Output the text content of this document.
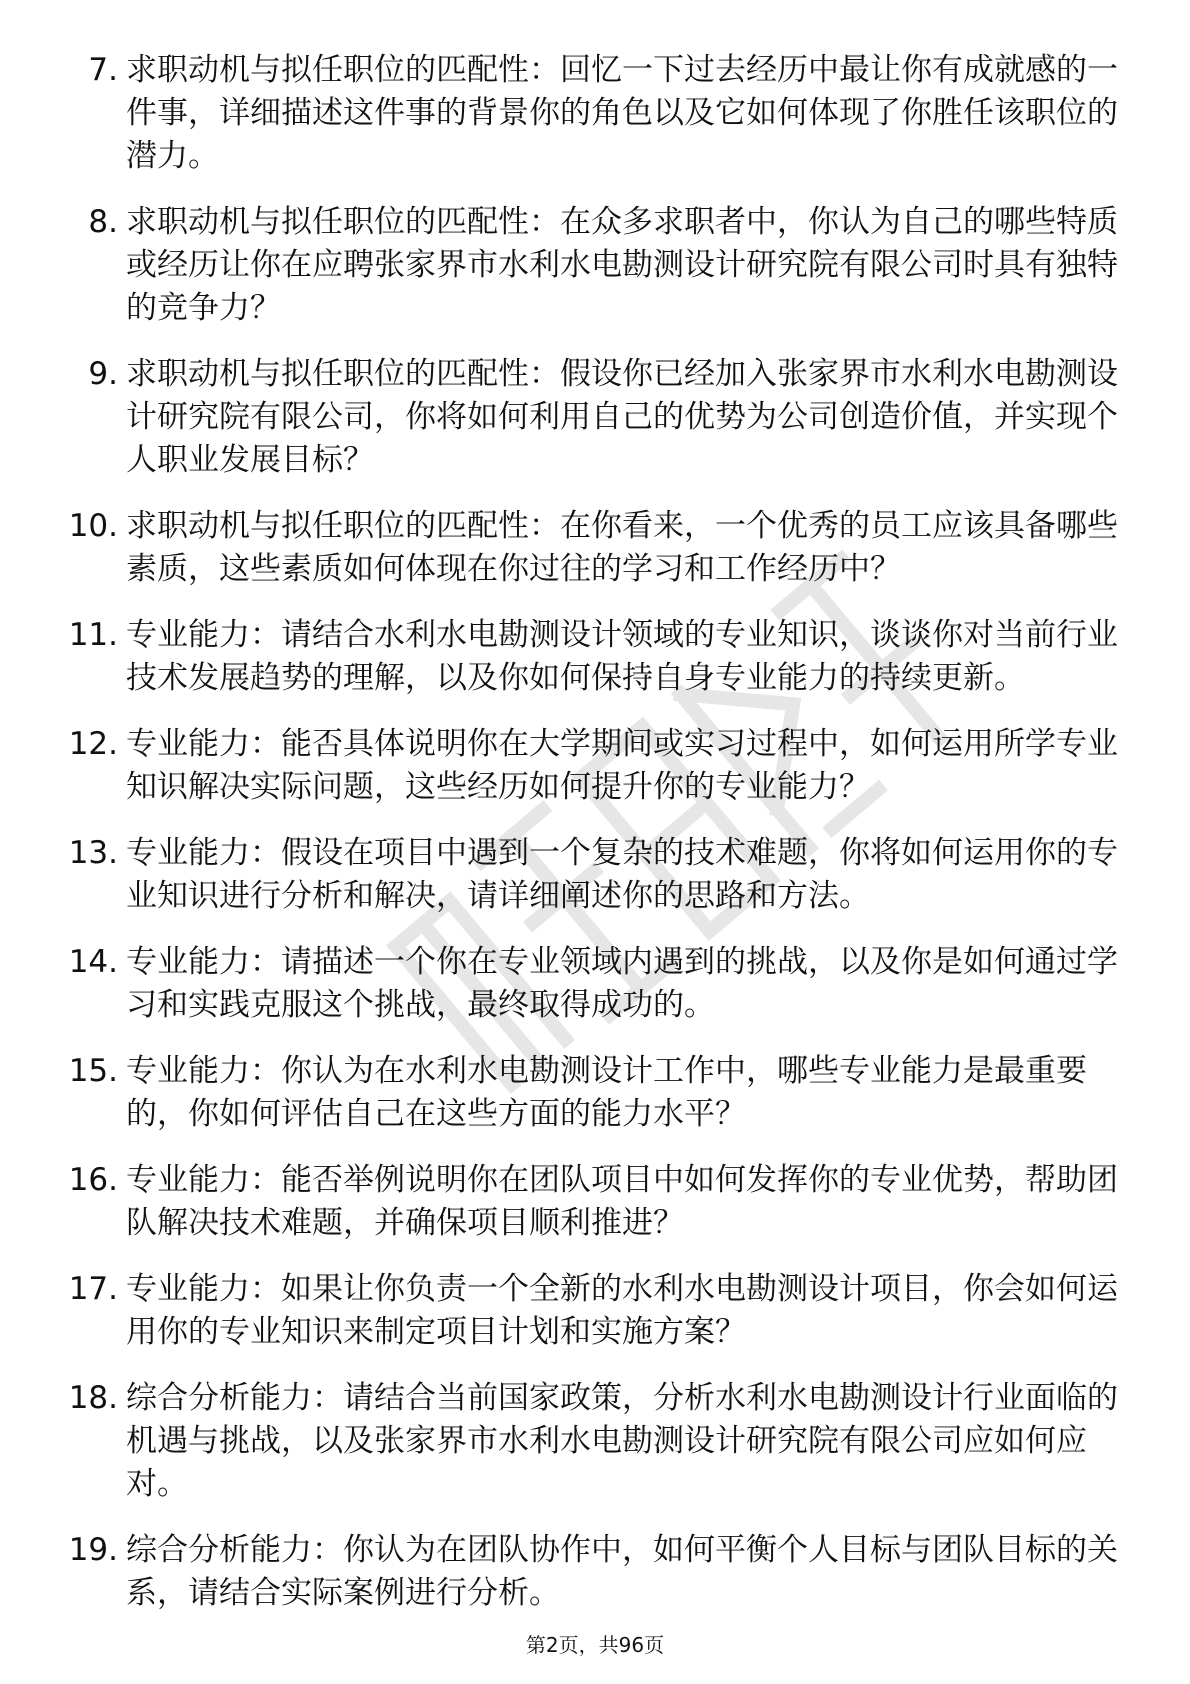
7. 求职动机与拟任职位的匹配性：回忆一下过去经历中最让你有成就感的一件事，详细描述这件事的背景你的角色以及它如何体现了你胜任该职位的潜力。
8. 求职动机与拟任职位的匹配性：在众多求职者中，你认为自己的哪些特质或经历让你在应聘张家界市水利水电勘测设计研究院有限公司时具有独特的竞争力？
9. 求职动机与拟任职位的匹配性：假设你已经加入张家界市水利水电勘测设计研究院有限公司，你将如何利用自己的优势为公司创造价值，并实现个人职业发展目标？
10. 求职动机与拟任职位的匹配性：在你看来，一个优秀的员工应该具备哪些素质，这些素质如何体现在你过往的学习和工作经历中？
11. 专业能力：请结合水利水电勘测设计领域的专业知识，谈谈你对当前行业技术发展趋势的理解，以及你如何保持自身专业能力的持续更新。
12. 专业能力：能否具体说明你在大学期间或实习过程中，如何运用所学专业知识解决实际问题，这些经历如何提升你的专业能力？
13. 专业能力：假设在项目中遇到一个复杂的技术难题，你将如何运用你的专业知识进行分析和解决，请详细阐述你的思路和方法。
14. 专业能力：请描述一个你在专业领域内遇到的挑战，以及你是如何通过学习和实践克服这个挑战，最终取得成功的。
15. 专业能力：你认为在水利水电勘测设计工作中，哪些专业能力是最重要的，你如何评估自己在这些方面的能力水平？
16. 专业能力：能否举例说明你在团队项目中如何发挥你的专业优势，帮助团队解决技术难题，并确保项目顺利推进？
17. 专业能力：如果让你负责一个全新的水利水电勘测设计项目，你会如何运用你的专业知识来制定项目计划和实施方案？
18. 综合分析能力：请结合当前国家政策，分析水利水电勘测设计行业面临的机遇与挑战，以及张家界市水利水电勘测设计研究院有限公司应如何应对。
19. 综合分析能力：你认为在团队协作中，如何平衡个人目标与团队目标的关系，请结合实际案例进行分析。
第2页，共96页
